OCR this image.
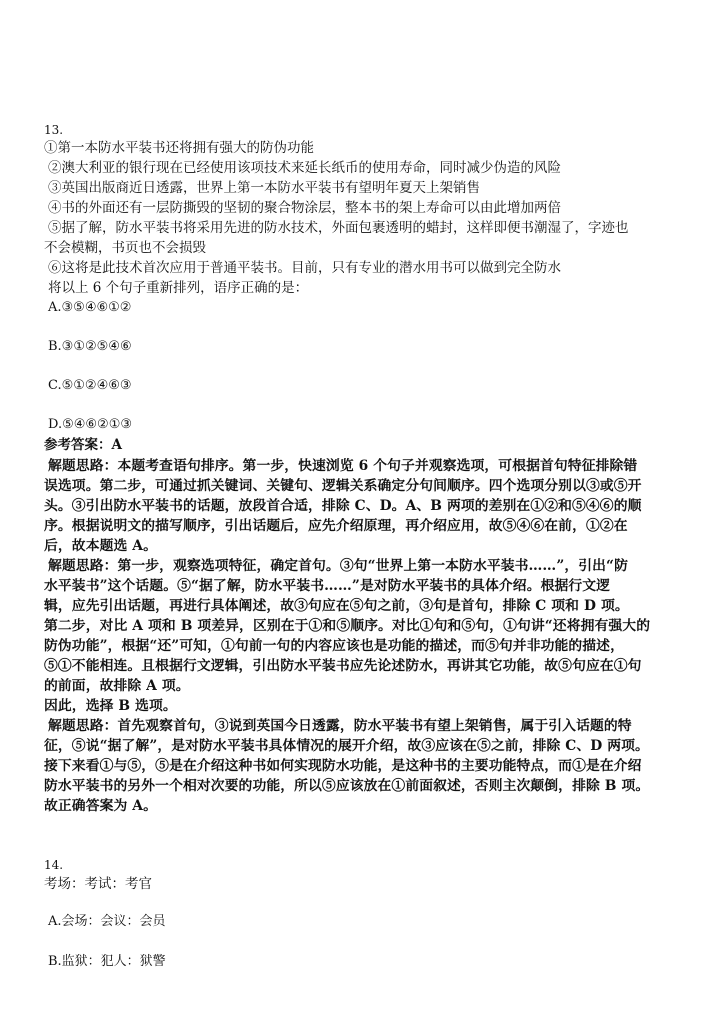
13.
①第一本防水平装书还将拥有强大的防伪功能
②澳大利亚的银行现在已经使用该项技术来延长纸币的使用寿命，同时减少伪造的风险
③英国出版商近日透露，世界上第一本防水平装书有望明年夏天上架销售
④书的外面还有一层防撕毁的坚韧的聚合物涂层，整本书的架上寿命可以由此增加两倍
⑤据了解，防水平装书将采用先进的防水技术，外面包裹透明的蜡封，这样即便书潮湿了，字迹也
不会模糊，书页也不会损毁
⑥这将是此技术首次应用于普通平装书。目前，只有专业的潜水用书可以做到完全防水
将以上 6 个句子重新排列，语序正确的是：
A.③⑤④⑥①②
B.③①②⑤④⑥
C.⑤①②④⑥③
D.⑤④⑥②①③
参考答案：A
解题思路：本题考查语句排序。第一步，快速浏览 6 个句子并观察选项，可根据首句特征排除错
误选项。第二步，可通过抓关键词、关键句、逻辑关系确定分句间顺序。四个选项分别以③或⑤开
头。③引出防水平装书的话题，放段首合适，排除 C、D。A、B 两项的差别在①②和⑤④⑥的顺
序。根据说明文的描写顺序，引出话题后，应先介绍原理，再介绍应用，故⑤④⑥在前，①②在
后，故本题选 A。
解题思路：第一步，观察选项特征，确定首句。③句“世界上第一本防水平装书……”，引出“防
水平装书”这个话题。⑤“据了解，防水平装书……”是对防水平装书的具体介绍。根据行文逻
辑，应先引出话题，再进行具体阐述，故③句应在⑤句之前，③句是首句，排除 C 项和 D 项。
第二步，对比 A 项和 B 项差异，区别在于①和⑤顺序。对比①句和⑤句，①句讲“还将拥有强大的
防伪功能”，根据“还”可知，①句前一句的内容应该也是功能的描述，而⑤句并非功能的描述，
⑤①不能相连。且根据行文逻辑，引出防水平装书应先论述防水，再讲其它功能，故⑤句应在①句
的前面，故排除 A 项。
因此，选择 B 选项。
解题思路：首先观察首句，③说到英国今日透露，防水平装书有望上架销售，属于引入话题的特
征，⑤说“据了解”，是对防水平装书具体情况的展开介绍，故③应该在⑤之前，排除 C、D 两项。
接下来看①与⑤，⑤是在介绍这种书如何实现防水功能，是这种书的主要功能特点，而①是在介绍
防水平装书的另外一个相对次要的功能，所以⑤应该放在①前面叙述，否则主次颠倒，排除 B 项。
故正确答案为 A。
14.
考场：考试：考官
A.会场：会议：会员
B.监狱：犯人：狱警
